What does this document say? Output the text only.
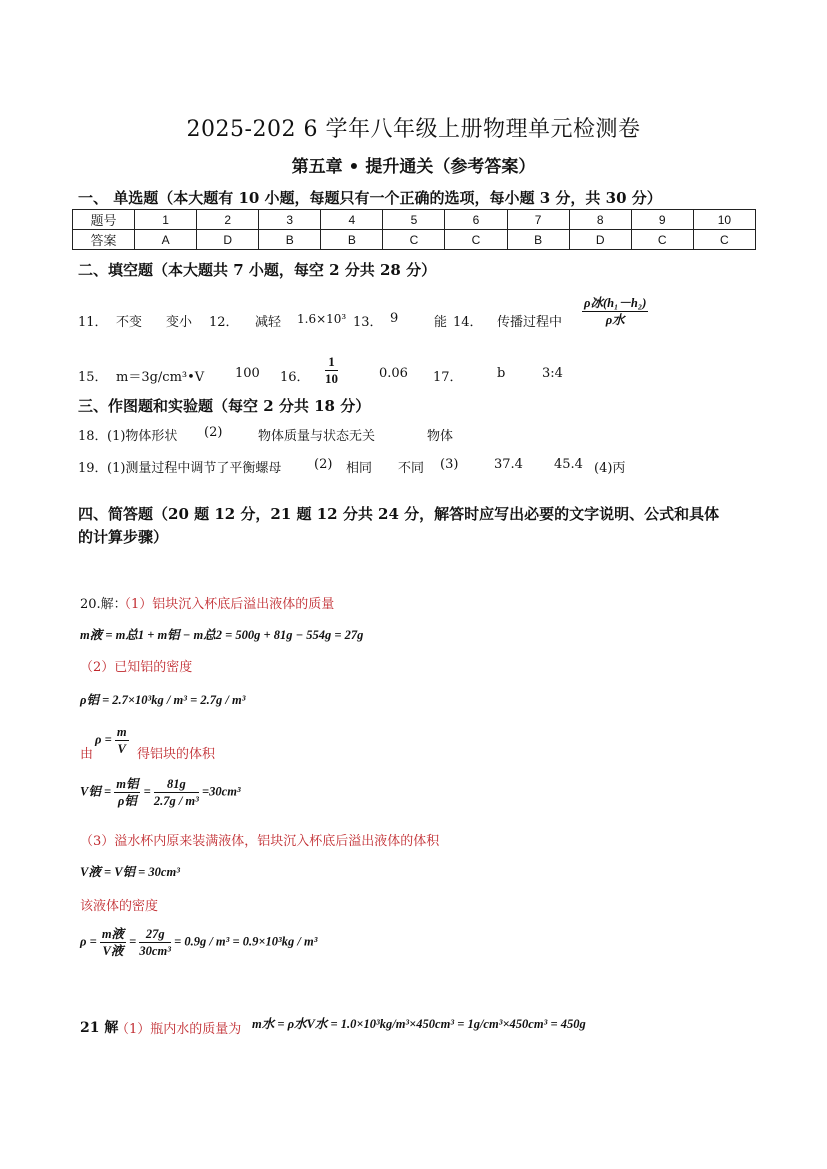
2025-202 6 学年八年级上册物理单元检测卷
第五章 • 提升通关（参考答案）
一、 单选题（本大题有 10 小题，每题只有一个正确的选项，每小题 3 分，共 30 分）
题号	1	2	3	4	5	6	7	8	9	10
答案	A	D	B	B	C	C	B	D	C	C
二、填空题（本大题共 7 小题，每空 2 分共 28 分）
11． 不变 变小 12． 减轻 1.6×10³ 13． 9	能 14． 传播过程中 $\frac{\text{ρ冰(h₁－h₂)}}{\text{ρ水}}$
15． m＝3g/cm³•V 100 16． $\frac{1}{10}$	0.06 17．	b	3:4
三、作图题和实验题（每空 2 分共 18 分）
18． (1)物体形状 (2)	物体质量与状态无关	物体
19． (1)测量过程中调节了平衡螺母	(2) 相同 不同 (3)	37.4 45.4 (4)丙
四、简答题（20 题 12 分，21 题 12 分共 24 分，解答时应写出必要的文字说明、公式和具体
的计算步骤）
20.解：
（1）铝块沉入杯底后溢出液体的质量
m液 = m总1 + m铝 − m总2 = 500g + 81g − 554g = 27g
（2）已知铝的密度
ρ铝 = 2.7×10³kg / m³ = 2.7g / m³
由
$\rho = \frac{m}{V}$ 得铝块的体积
V铝 = $\frac{\text{m铝}}{\text{ρ铝}} = \frac{81g}{\text{2.7g / m³}} =30cm^3$
（3）溢水杯内原来装满液体，铝块沉入杯底后溢出液体的体积
V液 = V铝 = 30cm³
该液体的密度
$\rho = \frac{\text{m液}}{\text{V液}} = \frac{27g}{\text{30cm³}} = 0.9g / m^3 = 0.9\times 10^3kg / m^3$
21 解
（1）瓶内水的质量为 m水 = ρ水V水 = 1.0×10³kg/m³×450cm³ = 1g/cm³×450cm³ = 450g
